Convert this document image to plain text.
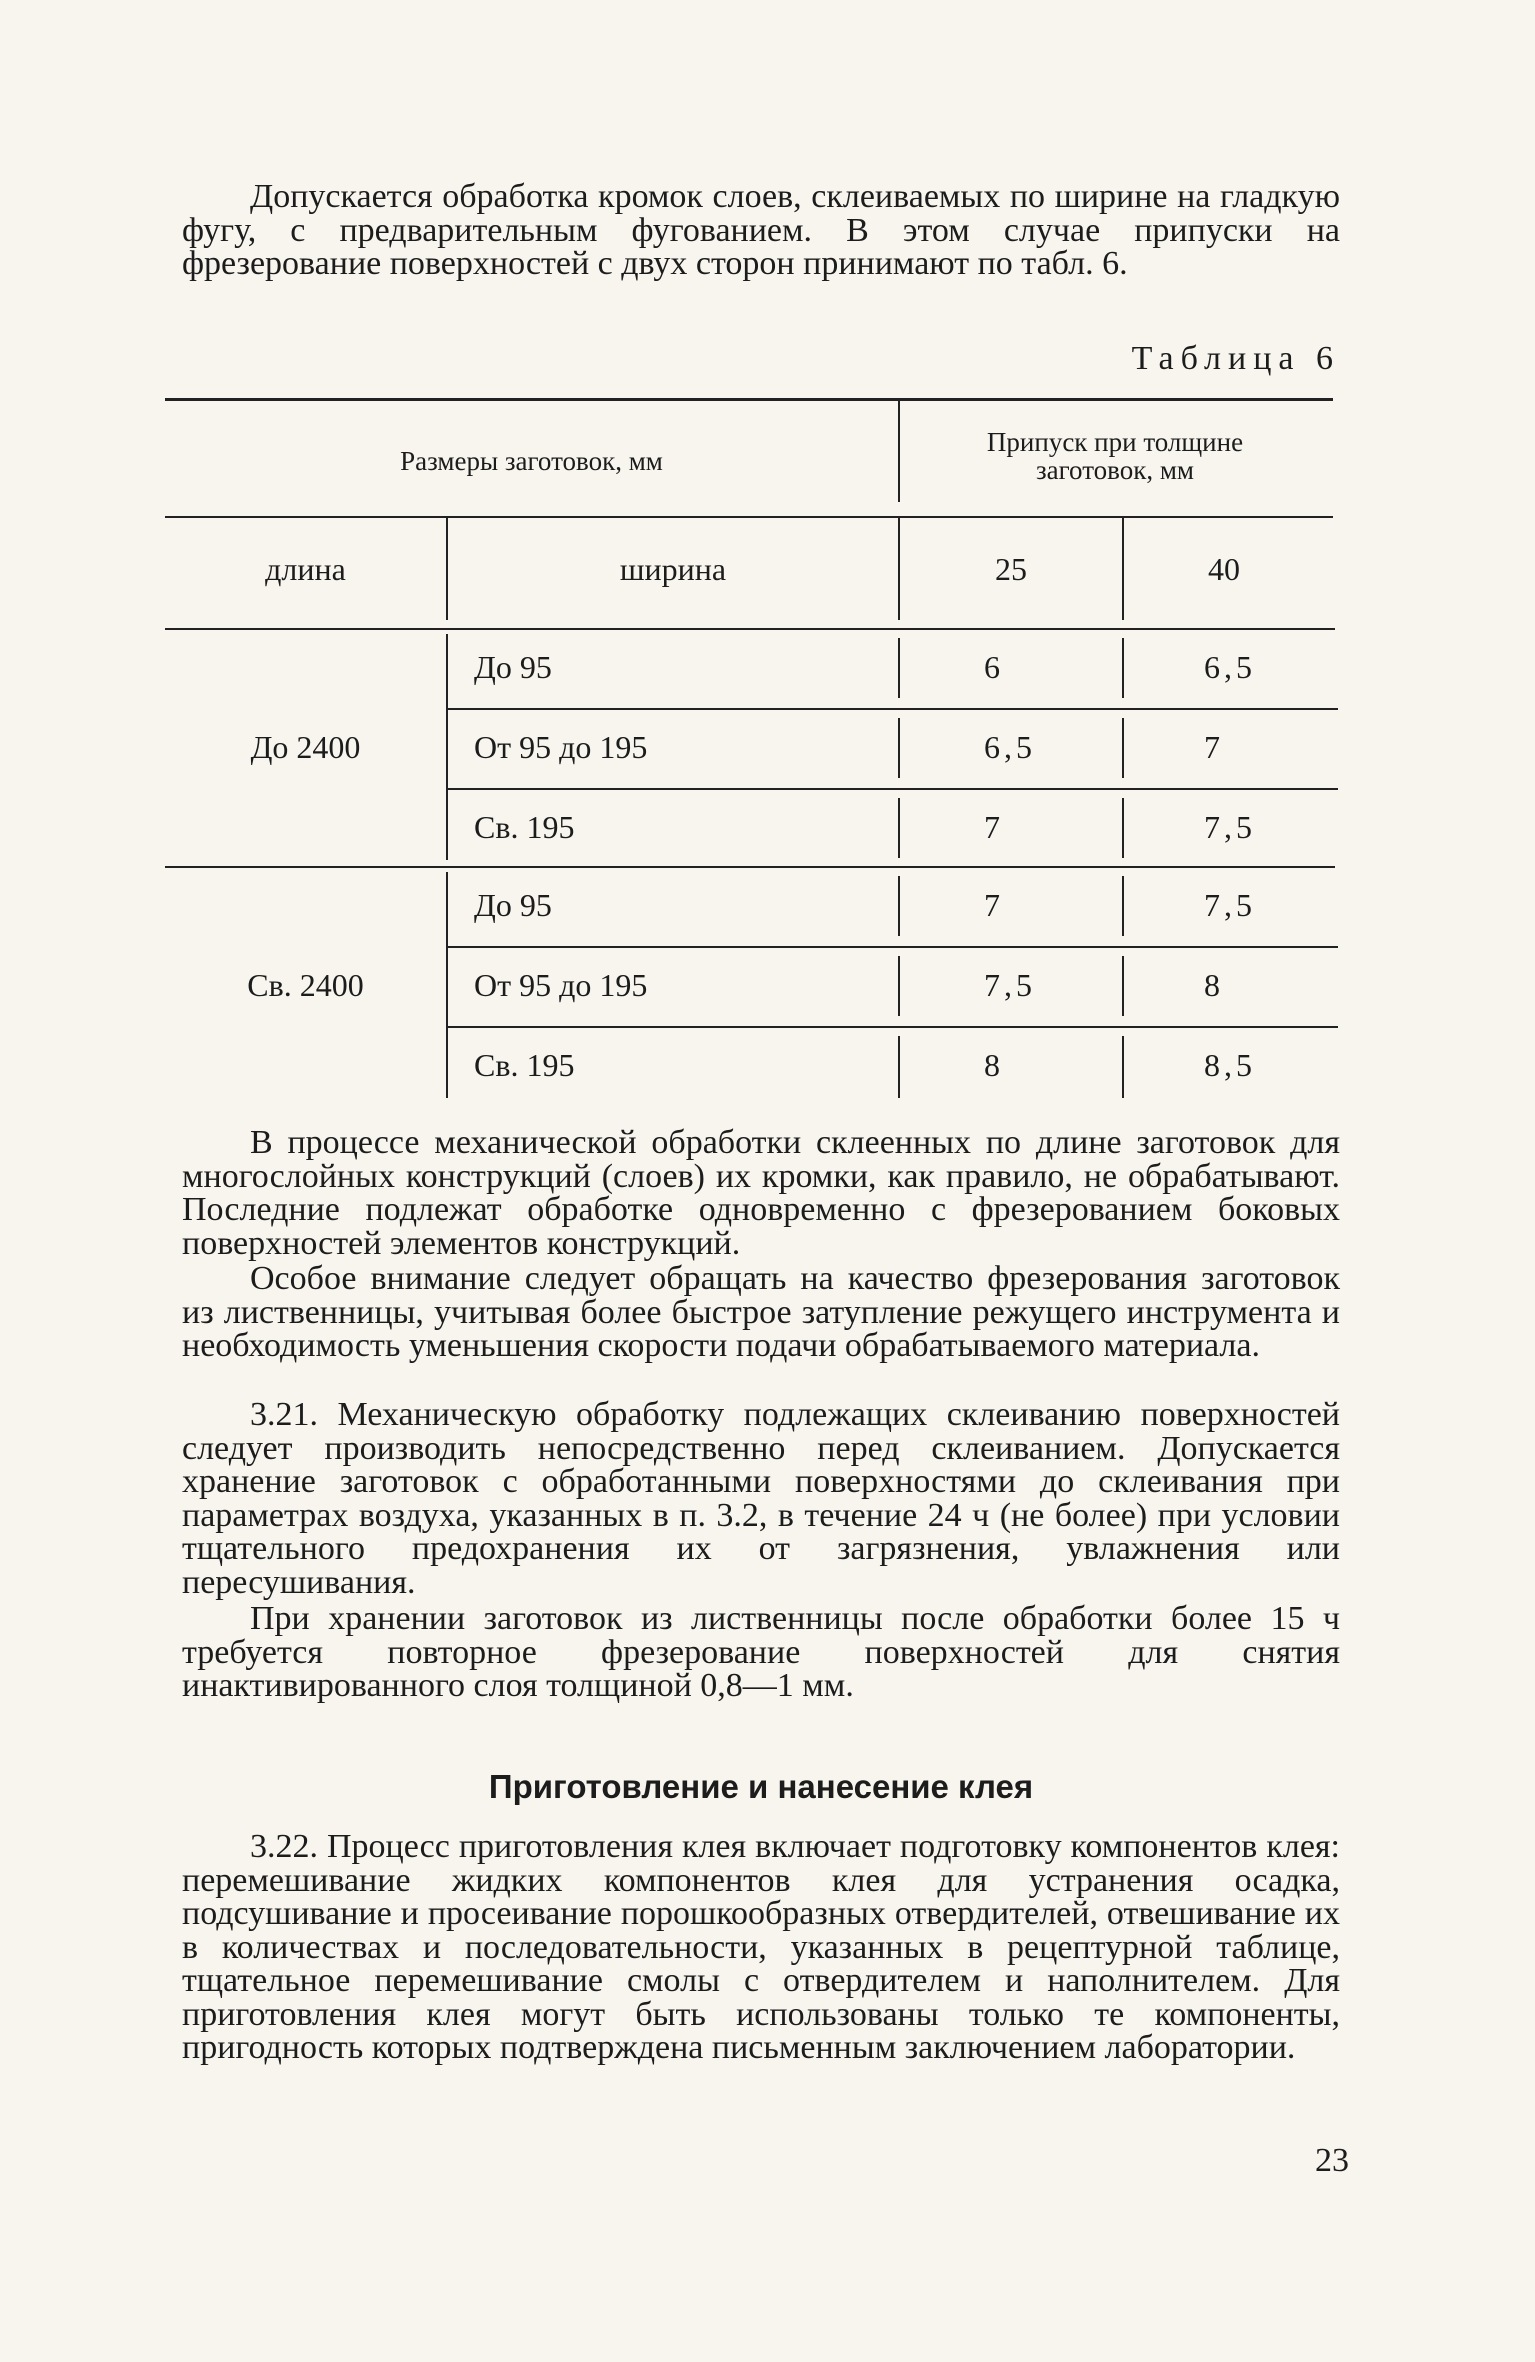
Допускается обработка кромок слоев, склеиваемых по ширине на гладкую фугу, с предварительным фугованием. В этом случае припуски на фрезерование поверхностей с двух сторон принимают по табл. 6.

Таблица 6

Размеры заготовок, мм

Припуск при толщине заготовок, мм

длина	ширина	25	40

До 2400

До 95	6	6,5

От 95 до 195	6,5	7

Св. 195	7	7,5

Св. 2400

До 95	7	7,5

От 95 до 195	7,5	8

Св. 195	8	8,5

В процессе механической обработки склеенных по длине заготовок для многослойных конструкций (слоев) их кромки, как правило, не обрабатывают. Последние подлежат обработке одновременно с фрезерованием боковых поверхностей элементов конструкций.

Особое внимание следует обращать на качество фрезерования заготовок из лиственницы, учитывая более быстрое затупление режущего инструмента и необходимость уменьшения скорости подачи обрабатываемого материала.

3.21. Механическую обработку подлежащих склеиванию поверхностей следует производить непосредственно перед склеиванием. Допускается хранение заготовок с обработанными поверхностями до склеивания при параметрах воздуха, указанных в п. 3.2, в течение 24 ч (не более) при условии тщательного предохранения их от загрязнения, увлажнения или пересушивания.

При хранении заготовок из лиственницы после обработки более 15 ч требуется повторное фрезерование поверхностей для снятия инактивированного слоя толщиной 0,8—1 мм.

Приготовление и нанесение клея

3.22. Процесс приготовления клея включает подготовку компонентов клея: перемешивание жидких компонентов клея для устранения осадка, подсушивание и просеивание порошкообразных отвердителей, отвешивание их в количествах и последовательности, указанных в рецептурной таблице, тщательное перемешивание смолы с отвердителем и наполнителем. Для приготовления клея могут быть использованы только те компоненты, пригодность которых подтверждена письменным заключением лаборатории.

23
